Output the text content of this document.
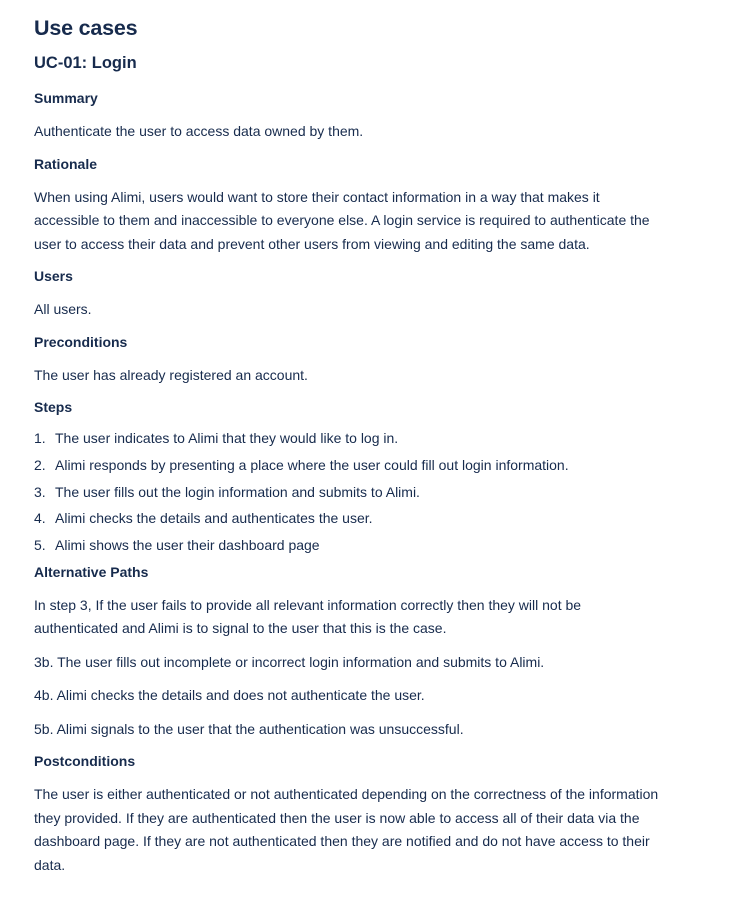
Use cases
UC-01: Login
Summary

Authenticate the user to access data owned by them.

Rationale

When using Alimi, users would want to store their contact information in a way that makes it
accessible to them and inaccessible to everyone else. A login service is required to authenticate the
user to access their data and prevent other users from viewing and editing the same data.

Users

All users.

Preconditions

The user has already registered an account.

Steps
1. The user indicates to Alimi that they would like to log in.
2. Alimi responds by presenting a place where the user could fill out login information.
3. The user fills out the login information and submits to Alimi.
4. Alimi checks the details and authenticates the user.
5. Alimi shows the user their dashboard page
Alternative Paths

In step 3, If the user fails to provide all relevant information correctly then they will not be
authenticated and Alimi is to signal to the user that this is the case.

3b. The user fills out incomplete or incorrect login information and submits to Alimi.

4b. Alimi checks the details and does not authenticate the user.

5b. Alimi signals to the user that the authentication was unsuccessful.

Postconditions

The user is either authenticated or not authenticated depending on the correctness of the information
they provided. If they are authenticated then the user is now able to access all of their data via the
dashboard page. If they are not authenticated then they are notified and do not have access to their
data.
